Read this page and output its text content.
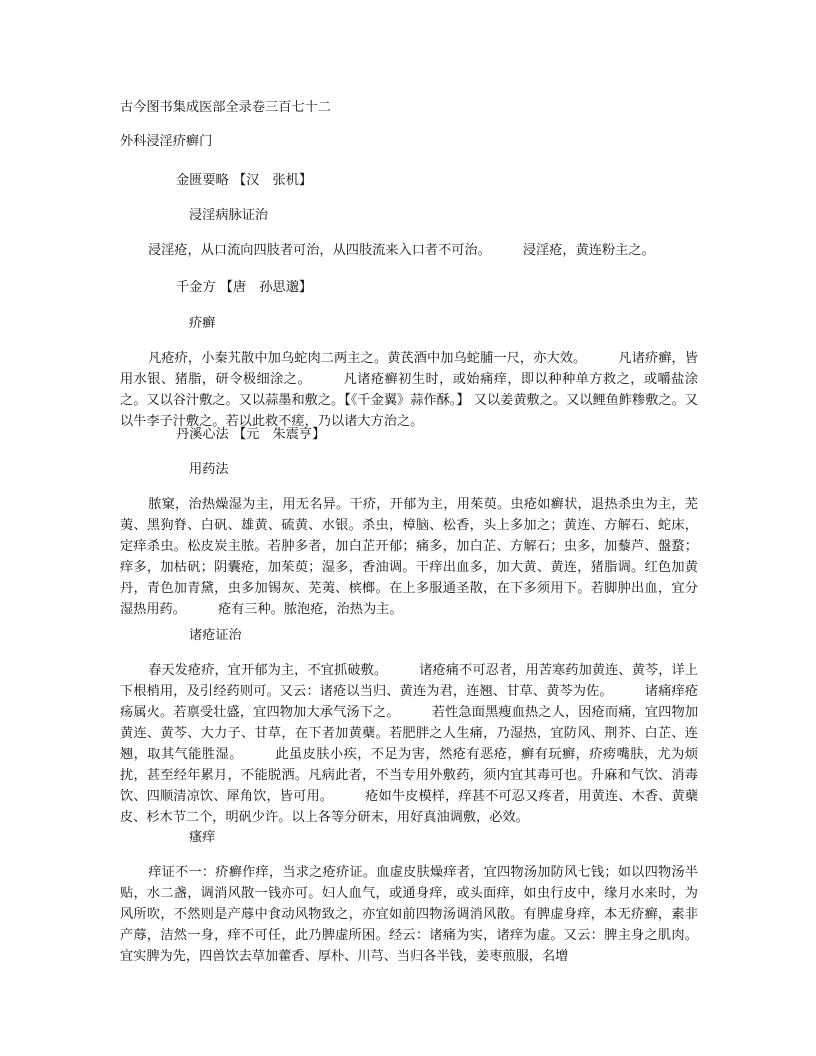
古今图书集成医部全录卷三百七十二
外科浸淫疥癣门
金匮要略 【汉　张机】
浸淫病脉证治
浸淫疮，从口流向四肢者可治，从四肢流来入口者不可治。 浸淫疮，黄连粉主之。
千金方 【唐　孙思邈】
疥癣
凡疮疥，小秦艽散中加乌蛇肉二两主之。黄芪酒中加乌蛇脯一尺，亦大效。 凡诸疥癣，皆用水银、猪脂，研令极细涂之。 凡诸疮癣初生时，或始痛痒，即以种种单方救之，或嚼盐涂之。又以谷汁敷之。又以蒜墨和敷之。【《千金翼》蒜作酥。】 又以姜黄敷之。又以鲤鱼鲊糁敷之。又以牛李子汁敷之。若以此救不瘥，乃以诸大方治之。
丹溪心法 【元　朱震亨】
用药法
脓窠，治热燥湿为主，用无名异。干疥，开郁为主，用茱萸。虫疮如癣状，退热杀虫为主，芜荑、黑狗脊、白矾、雄黄、硫黄、水银。杀虫，樟脑、松香，头上多加之；黄连、方解石、蛇床，定痒杀虫。松皮炭主脓。若肿多者，加白芷开郁；痛多，加白芷、方解石；虫多，加藜芦、盤蝥；痒多，加枯矾；阴囊疮，加茱萸；湿多，香油调。干痒出血多，加大黄、黄连，猪脂调。红色加黄丹，青色加青黛，虫多加锡灰、芜荑、槟榔。在上多服通圣散，在下多须用下。若脚肿出血，宜分湿热用药。 疮有三种。脓泡疮，治热为主。
诸疮证治
春天发疮疥，宜开郁为主，不宜抓破敷。 诸疮痛不可忍者，用苦寒药加黄连、黄芩，详上下根梢用，及引经药则可。又云：诸疮以当归、黄连为君，连翘、甘草、黄芩为佐。 诸痛痒疮疡属火。若禀受壮盛，宜四物加大承气汤下之。 若性急面黑瘦血热之人，因疮而痛，宜四物加黄连、黄芩、大力子、甘草，在下者加黄蘗。若肥胖之人生痛，乃湿热，宜防风、荆芥、白芷、连翘，取其气能胜湿。 此虽皮肤小疾，不足为害，然疮有恶疮，癣有玩癣，疥痨嘴肤，尤为烦扰，甚至经年累月，不能脱洒。凡病此者，不当专用外敷药，须内宜其毒可也。升麻和气饮、消毒饮、四顺清凉饮、犀角饮，皆可用。 疮如牛皮模样，痒甚不可忍又疼者，用黄连、木香、黄蘗皮、杉木节二个，明矾少许。以上各等分研末，用好真油调敷，必效。
瘙痒
痒证不一：疥癣作痒，当求之疮疥证。血虚皮肤燥痒者，宜四物汤加防风七钱；如以四物汤半贴，水二盏，调消风散一钱亦可。妇人血气，或通身痒，或头面痒，如虫行皮中，缘月水来时，为风所吹，不然则是产蓐中食动风物致之，亦宜如前四物汤调消风散。有脾虚身痒，本无疥癣，素非产蓐，洁然一身，痒不可任，此乃脾虚所困。经云：诸痛为实，诸痒为虚。又云：脾主身之肌肉。宜实脾为先，四兽饮去草加藿香、厚朴、川芎、当归各半钱，姜枣煎服，名增
